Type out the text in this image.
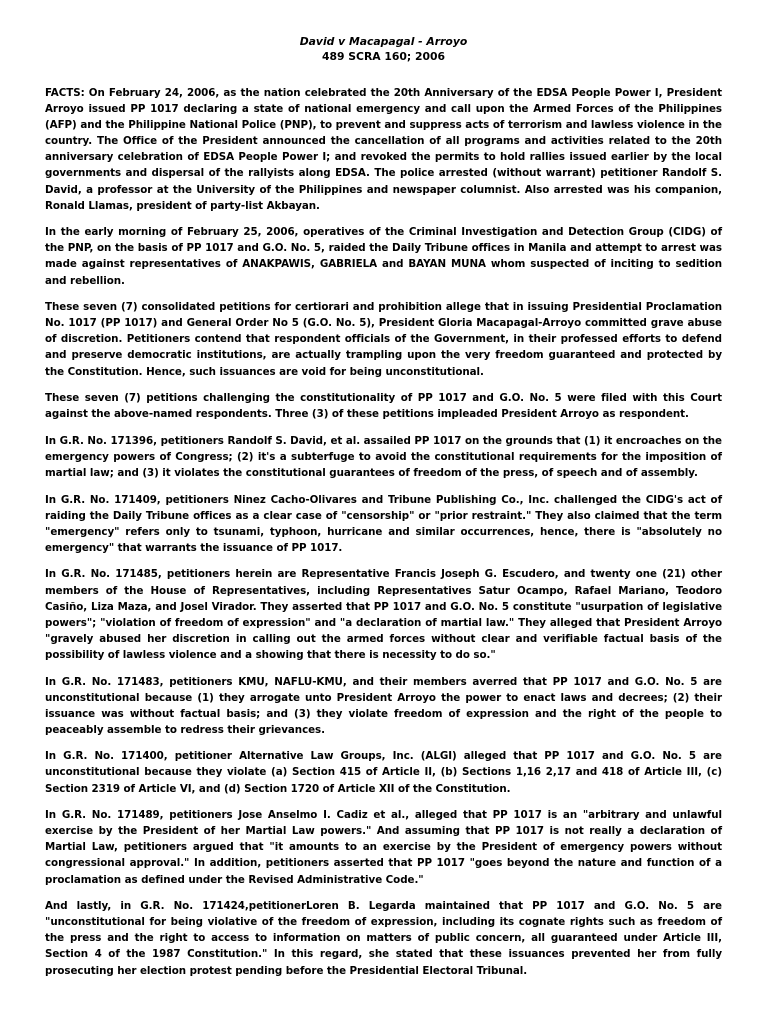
David v Macapagal - Arroyo

489 SCRA 160; 2006

FACTS: On February 24, 2006, as the nation celebrated the 20th Anniversary of the EDSA People Power I, President Arroyo issued PP 1017 declaring a state of national emergency and call upon the Armed Forces of the Philippines (AFP) and the Philippine National Police (PNP), to prevent and suppress acts of terrorism and lawless violence in the country. The Office of the President announced the cancellation of all programs and activities related to the 20th anniversary celebration of EDSA People Power I; and revoked the permits to hold rallies issued earlier by the local governments and dispersal of the rallyists along EDSA. The police arrested (without warrant) petitioner Randolf S. David, a professor at the University of the Philippines and newspaper columnist. Also arrested was his companion, Ronald Llamas, president of party-list Akbayan.

In the early morning of February 25, 2006, operatives of the Criminal Investigation and Detection Group (CIDG) of the PNP, on the basis of PP 1017 and G.O. No. 5, raided the Daily Tribune offices in Manila and attempt to arrest was made against representatives of ANAKPAWIS, GABRIELA and BAYAN MUNA whom suspected of inciting to sedition and rebellion.

These seven (7) consolidated petitions for certiorari and prohibition allege that in issuing Presidential Proclamation No. 1017 (PP 1017) and General Order No 5 (G.O. No. 5), President Gloria Macapagal-Arroyo committed grave abuse of discretion. Petitioners contend that respondent officials of the Government, in their professed efforts to defend and preserve democratic institutions, are actually trampling upon the very freedom guaranteed and protected by the Constitution. Hence, such issuances are void for being unconstitutional.

These seven (7) petitions challenging the constitutionality of PP 1017 and G.O. No. 5 were filed with this Court against the above-named respondents. Three (3) of these petitions impleaded President Arroyo as respondent.

In G.R. No. 171396, petitioners Randolf S. David, et al. assailed PP 1017 on the grounds that (1) it encroaches on the emergency powers of Congress; (2) it's a subterfuge to avoid the constitutional requirements for the imposition of martial law; and (3) it violates the constitutional guarantees of freedom of the press, of speech and of assembly.

In G.R. No. 171409, petitioners Ninez Cacho-Olivares and Tribune Publishing Co., Inc. challenged the CIDG's act of raiding the Daily Tribune offices as a clear case of "censorship" or "prior restraint." They also claimed that the term "emergency" refers only to tsunami, typhoon, hurricane and similar occurrences, hence, there is "absolutely no emergency" that warrants the issuance of PP 1017.

In G.R. No. 171485, petitioners herein are Representative Francis Joseph G. Escudero, and twenty one (21) other members of the House of Representatives, including Representatives Satur Ocampo, Rafael Mariano, Teodoro Casiño, Liza Maza, and Josel Virador. They asserted that PP 1017 and G.O. No. 5 constitute "usurpation of legislative powers"; "violation of freedom of expression" and "a declaration of martial law." They alleged that President Arroyo "gravely abused her discretion in calling out the armed forces without clear and verifiable factual basis of the possibility of lawless violence and a showing that there is necessity to do so."

In G.R. No. 171483, petitioners KMU, NAFLU-KMU, and their members averred that PP 1017 and G.O. No. 5 are unconstitutional because (1) they arrogate unto President Arroyo the power to enact laws and decrees; (2) their issuance was without factual basis; and (3) they violate freedom of expression and the right of the people to peaceably assemble to redress their grievances.

In G.R. No. 171400, petitioner Alternative Law Groups, Inc. (ALGI) alleged that PP 1017 and G.O. No. 5 are unconstitutional because they violate (a) Section 415 of Article II, (b) Sections 1,16 2,17 and 418 of Article III, (c) Section 2319 of Article VI, and (d) Section 1720 of Article XII of the Constitution.

In G.R. No. 171489, petitioners Jose Anselmo I. Cadiz et al., alleged that PP 1017 is an "arbitrary and unlawful exercise by the President of her Martial Law powers." And assuming that PP 1017 is not really a declaration of Martial Law, petitioners argued that "it amounts to an exercise by the President of emergency powers without congressional approval." In addition, petitioners asserted that PP 1017 "goes beyond the nature and function of a proclamation as defined under the Revised Administrative Code."

And lastly, in G.R. No. 171424,petitionerLoren B. Legarda maintained that PP 1017 and G.O. No. 5 are "unconstitutional for being violative of the freedom of expression, including its cognate rights such as freedom of the press and the right to access to information on matters of public concern, all guaranteed under Article III, Section 4 of the 1987 Constitution." In this regard, she stated that these issuances prevented her from fully prosecuting her election protest pending before the Presidential Electoral Tribunal.
